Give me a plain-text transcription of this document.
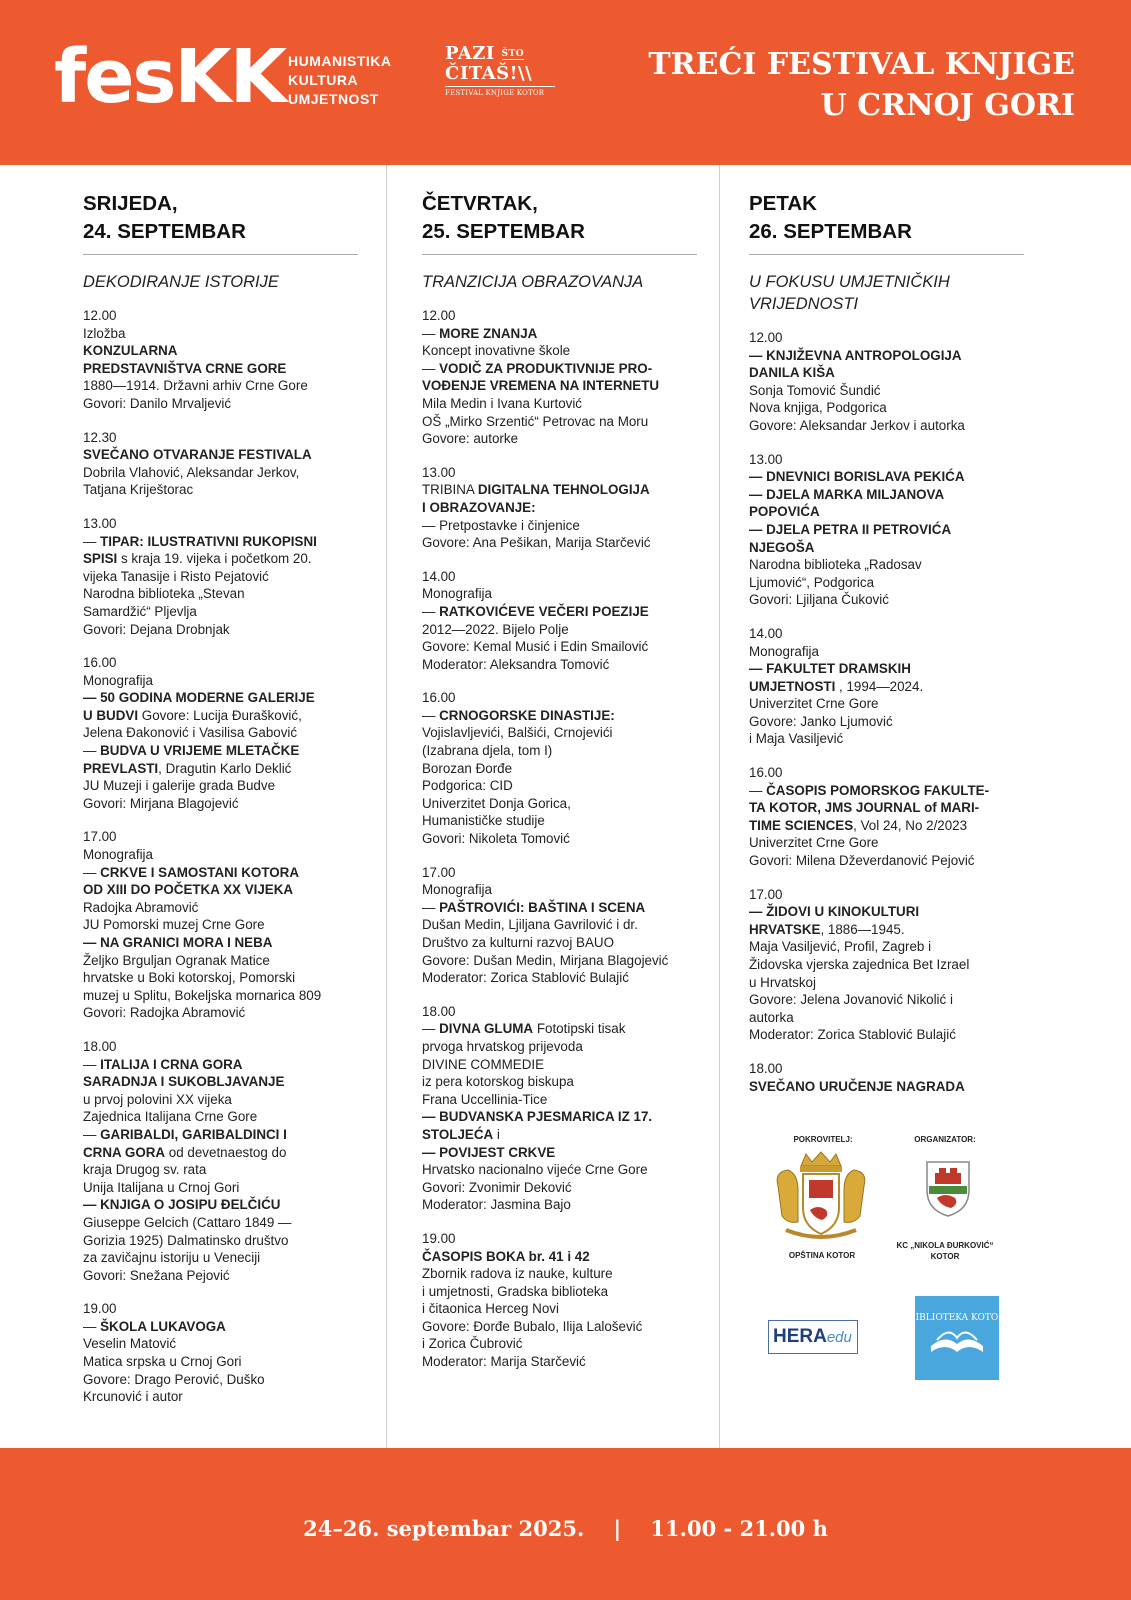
fesKK HUMANISTIKA
KULTURA
UMJETNOST
PAZI $^{ŠTO}$
ČITAŠ!\\
FESTIVAL KNJIGE KOTOR
TREĆI FESTIVAL KNJIGE
U CRNOJ GORI
SRIJEDA,
24. SEPTEMBAR
DEKODIRANJE ISTORIJE
12.00
Izložba
KONZULARNA
PREDSTAVNIŠTVA CRNE GORE
1880—1914. Državni arhiv Crne Gore
Govori: Danilo Mrvaljević
12.30
SVEČANO OTVARANJE FESTIVALA
Dobrila Vlahović, Aleksandar Jerkov,
Tatjana Kriještorac
13.00
— TIPAR: ILUSTRATIVNI RUKOPISNI
SPISI s kraja 19. vijeka i početkom 20.
vijeka Tanasije i Risto Pejatović
Narodna biblioteka „Stevan
Samardžić“ Pljevlja
Govori: Dejana Drobnjak
16.00
Monografija
— 50 GODINA MODERNE GALERIJE
U BUDVI Govore: Lucija Đurašković,
Jelena Đakonović i Vasilisa Gabović
— BUDVA U VRIJEME MLETAČKE
PREVLASTI, Dragutin Karlo Deklić
JU Muzeji i galerije grada Budve
Govori: Mirjana Blagojević
17.00
Monografija
— CRKVE I SAMOSTANI KOTORA
OD XIII DO POČETKA XX VIJEKA
Radojka Abramović
JU Pomorski muzej Crne Gore
— NA GRANICI MORA I NEBA
Željko Brguljan Ogranak Matice
hrvatske u Boki kotorskoj, Pomorski
muzej u Splitu, Bokeljska mornarica 809
Govori: Radojka Abramović
18.00
— ITALIJA I CRNA GORA
SARADNJA I SUKOBLJAVANJE
u prvoj polovini XX vijeka
Zajednica Italijana Crne Gore
— GARIBALDI, GARIBALDINCI I
CRNA GORA od devetnaestog do
kraja Drugog sv. rata
Unija Italijana u Crnoj Gori
— KNJIGA O JOSIPU ĐELČIĆU
Giuseppe Gelcich (Cattaro 1849 —
Gorizia 1925) Dalmatinsko društvo
za zavičajnu istoriju u Veneciji
Govori: Snežana Pejović
19.00
— ŠKOLA LUKAVOGA
Veselin Matović
Matica srpska u Crnoj Gori
Govore: Drago Perović, Duško
Krcunović i autor
ČETVRTAK,
25. SEPTEMBAR
TRANZICIJA OBRAZOVANJA
12.00
— MORE ZNANJA
Koncept inovativne škole
— VODIČ ZA PRODUKTIVNIJE PRO-
VOĐENJE VREMENA NA INTERNETU
Mila Medin i Ivana Kurtović
OŠ „Mirko Srzentić“ Petrovac na Moru
Govore: autorke
13.00
TRIBINA DIGITALNA TEHNOLOGIJA
I OBRAZOVANJE:
— Pretpostavke i činjenice
Govore: Ana Pešikan, Marija Starčević
14.00
Monografija
— RATKOVIĆEVE VEČERI POEZIJE
2012—2022. Bijelo Polje
Govore: Kemal Musić i Edin Smailović
Moderator: Aleksandra Tomović
16.00
— CRNOGORSKE DINASTIJE:
Vojislavljevići, Balšići, Crnojevići
(Izabrana djela, tom I)
Borozan Đorđe
Podgorica: CID
Univerzitet Donja Gorica,
Humanističke studije
Govori: Nikoleta Tomović
17.00
Monografija
— PAŠTROVIĆI: BAŠTINA I SCENA
Dušan Medin, Ljiljana Gavrilović i dr.
Društvo za kulturni razvoj BAUO
Govore: Dušan Medin, Mirjana Blagojević
Moderator: Zorica Stablović Bulajić
18.00
— DIVNA GLUMA Fototipski tisak
prvoga hrvatskog prijevoda
DIVINE COMMEDIE
iz pera kotorskog biskupa
Frana Uccellinia-Tice
— BUDVANSKA PJESMARICA IZ 17.
STOLJEĆA i
— POVIJEST CRKVE
Hrvatsko nacionalno vijeće Crne Gore
Govori: Zvonimir Deković
Moderator: Jasmina Bajo
19.00
ČASOPIS BOKA br. 41 i 42
Zbornik radova iz nauke, kulture
i umjetnosti, Gradska biblioteka
i čitaonica Herceg Novi
Govore: Đorđe Bubalo, Ilija Lalošević
i Zorica Čubrović
Moderator: Marija Starčević
PETAK
26. SEPTEMBAR
U FOKUSU UMJETNIČKIH
VRIJEDNOSTI
12.00
— KNJIŽEVNA ANTROPOLOGIJA
DANILA KIŠA
Sonja Tomović Šundić
Nova knjiga, Podgorica
Govore: Aleksandar Jerkov i autorka
13.00
— DNEVNICI BORISLAVA PEKIĆA
— DJELA MARKA MILJANOVA
POPOVIĆA
— DJELA PETRA II PETROVIĆA
NJEGOŠA
Narodna biblioteka „Radosav
Ljumović“, Podgorica
Govori: Ljiljana Čuković
14.00
Monografija
— FAKULTET DRAMSKIH
UMJETNOSTI , 1994—2024.
Univerzitet Crne Gore
Govore: Janko Ljumović
i Maja Vasiljević
16.00
— ČASOPIS POMORSKOG FAKULTE-
TA KOTOR, JMS JOURNAL of MARI-
TIME SCIENCES, Vol 24, No 2/2023
Univerzitet Crne Gore
Govori: Milena Dževerdanović Pejović
17.00
— ŽIDOVI U KINOKULTURI
HRVATSKE, 1886—1945.
Maja Vasiljević, Profil, Zagreb i
Židovska vjerska zajednica Bet Izrael
u Hrvatskoj
Govore: Jelena Jovanović Nikolić i
autorka
Moderator: Zorica Stablović Bulajić
18.00
SVEČANO URUČENJE NAGRADA
POKROVITELJ:	ORGANIZATOR:
OPŠTINA KOTOR
KC „NIKOLA ĐURKOVIĆ“
KOTOR
HERAedu
BIBLIOTEKA KOTOR
24–26. septembar 2025. | 11.00 - 21.00 h
